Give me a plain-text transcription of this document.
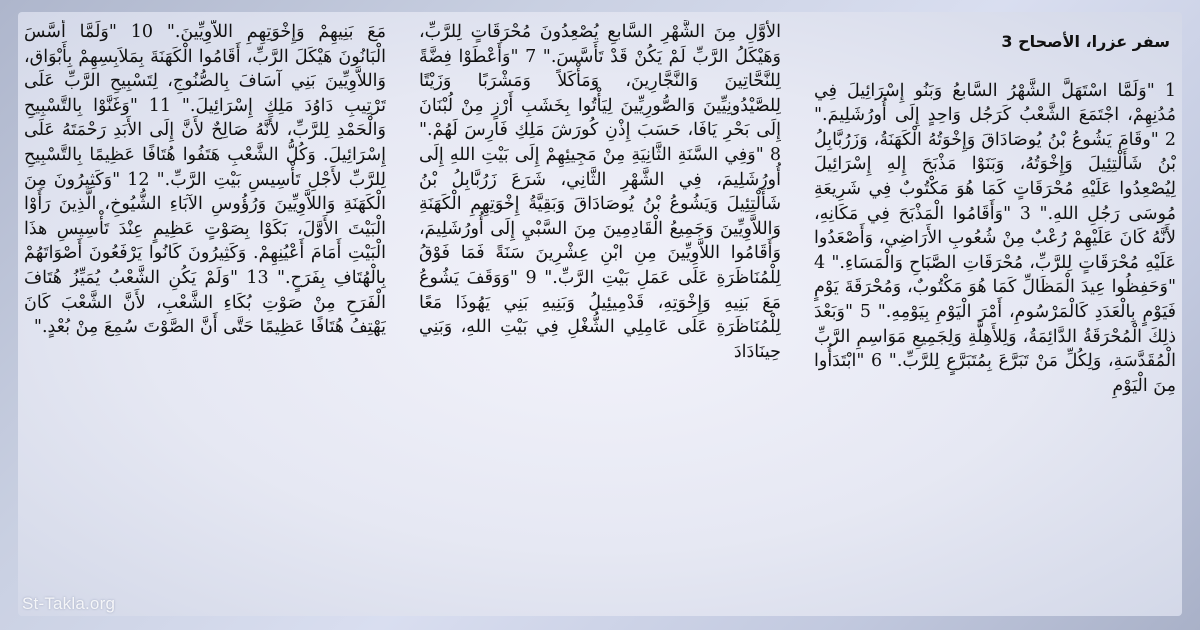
سفر عزرا، الأصحاح 3

1 "وَلَمَّا اسْتَهَلَّ الشَّهْرُ السَّابعُ وَبَنُو إِسْرَائِيلَ فِي مُدُنِهِمْ، اجْتَمَعَ الشَّعْبُ كَرَجُل وَاحِدٍ إِلَى أُورُشَلِيمَ." 2 "وقَامَ يَشُوعُ بْنُ يُوصَادَاقَ وَإِخْوَتُهُ الْكَهَنَةُ، وَزَرُبَّابِلُ بْنُ شَأَلْتِئِيلَ وَإِخْوَتُهُ، وَبَنَوْا مَذْبَحَ إِلهِ إِسْرَائِيلَ لِيُصْعِدُوا عَلَيْهِ مُحْرَقَاتٍ كَمَا هُوَ مَكْتُوبٌ فِي شَرِيعَةِ مُوسَى رَجُلِ اللهِ." 3 "وَأَقَامُوا الْمَذْبَحَ فِي مَكَانِهِ، لأَنَّهُ كَانَ عَلَيْهِمْ رُعْبٌ مِنْ شُعُوبِ الأَرَاضِي، وَأَصْعَدُوا عَلَيْهِ مُحْرَقَاتٍ لِلرَّبِّ، مُحْرَقَاتِ الصَّبَاحِ وَالْمَسَاءِ." 4 "وَحَفِظُوا عِيدَ الْمَظَالِّ كَمَا هُوَ مَكْتُوبٌ، وَمُحْرَقَةَ يَوْمٍ فَيَوْمٍ بِالْعَدَدِ كَالْمَرْسُومِ، أَمْرَ الْيَوْمِ بِيَوْمِهِ." 5 "وَبَعْدَ ذلِكَ الْمُحْرَقَةُ الدَّائِمَةُ، وَلِلأَهِلَّةِ وَلِجَمِيعِ مَوَاسِمِ الرَّبِّ الْمُقَدَّسَةِ، وَلِكُلِّ مَنْ تَبَرَّعَ بِمُتَبَرَّعٍ لِلرَّبِّ." 6 "ابْتَدَأُوا مِنَ الْيَوْمِ

الأَوَّلِ مِنَ الشَّهْرِ السَّابعِ يُصْعِدُونَ مُحْرَقَاتٍ لِلرَّبِّ، وَهَيْكَلُ الرَّبِّ لَمْ يَكُنْ قَدْ تَأَسَّسَ." 7 "وَأَعْطَوْا فِضَّةً لِلنَّحَّاتِينَ وَالنَّجَّارِينَ، وَمَأْكَلاً وَمَشْرَبًا وَزَيْتًا لِلصَّيْدُونِيِّينَ وَالصُّورِيِّينَ لِيَأْتُوا بِخَشَبِ أَرْزٍ مِنْ لُبْنَانَ إِلَى بَحْرِ يَافَا، حَسَبَ إِذْنِ كُورَشَ مَلِكِ فَارِسَ لَهُمْ." 8 "وَفِي السَّنَةِ الثَّانِيَةِ مِنْ مَجِيئِهِمْ إِلَى بَيْتِ اللهِ إِلَى أُورُشَلِيمَ، فِي الشَّهْرِ الثَّانِي، شَرَعَ زَرُبَّابِلُ بْنُ شَأَلْتِئِيلَ وَيَشُوعُ بْنُ يُوصَادَاقَ وَبَقِيَّةُ إِخْوَتِهِمِ الْكَهَنَةِ وَاللاَّوِيِّينَ وَجَمِيعُ الْقَادِمِينَ مِنَ السَّبْيِ إِلَى أُورُشَلِيمَ، وَأَقَامُوا اللاَّوِيِّينَ مِنِ ابْنِ عِشْرِينَ سَنَةً فَمَا فَوْقُ لِلْمُنَاظَرَةِ عَلَى عَمَلِ بَيْتِ الرَّبِّ." 9 "وَوَقَفَ يَشُوعُ مَعَ بَنِيهِ وَإِخْوَتِهِ، قَدْمِيئِيلُ وَبَنِيهِ بَنِي يَهُوذَا مَعًا لِلْمُنَاظَرَةِ عَلَى عَامِلِي الشُّغْلِ فِي بَيْتِ اللهِ، وَبَنِي حِينَادَادَ

مَعَ بَنِيهِمْ وَإِخْوَتِهِمِ اللاَّوِيِّينَ." 10 "وَلَمَّا أَسَّسَ الْبَانُونَ هَيْكَلَ الرَّبِّ، أَقَامُوا الْكَهَنَةَ بِمَلاَبِسِهِمْ بِأَبْوَاق، وَاللاَّوِيِّينَ بَنِي آسَافَ بِالصُّنُوجِ، لِتَسْبِيحِ الرَّبِّ عَلَى تَرْتِيبِ دَاوُدَ مَلِكِ إِسْرَائِيلَ." 11 "وَغَنَّوْا بِالتَّسْبِيحِ وَالْحَمْدِ لِلرَّبِّ، لأَنَّهُ صَالِحٌ لأَنَّ إِلَى الأَبَدِ رَحْمَتَهُ عَلَى إِسْرَائِيلَ. وَكُلُّ الشَّعْبِ هَتَفُوا هُتَافًا عَظِيمًا بِالتَّسْبِيحِ لِلرَّبِّ لأَجْلِ تَأْسِيسِ بَيْتِ الرَّبِّ." 12 "وَكَثِيرُونَ مِنَ الْكَهَنَةِ وَاللاَّوِيِّينَ وَرُؤُوسِ الآبَاءِ الشُّيُوخِ، الَّذِينَ رَأَوْا الْبَيْتَ الأَوَّلَ، بَكَوْا بِصَوْتٍ عَظِيمٍ عِنْدَ تَأْسِيسِ هذَا الْبَيْتِ أَمَامَ أَعْيُنِهِمْ. وَكَثِيرُونَ كَانُوا يَرْفَعُونَ أَصْوَاتَهُمْ بِالْهُتَافِ بِفَرَحٍ." 13 "وَلَمْ يَكُنِ الشَّعْبُ يُمَيِّزُ هُتَافَ الْفَرَحِ مِنْ صَوْتِ بُكَاءِ الشَّعْبِ، لأَنَّ الشَّعْبَ كَانَ يَهْتِفُ هُتَافًا عَظِيمًا حَتَّى أَنَّ الصَّوْتَ سُمِعَ مِنْ بُعْدٍ."

St-Takla.org
